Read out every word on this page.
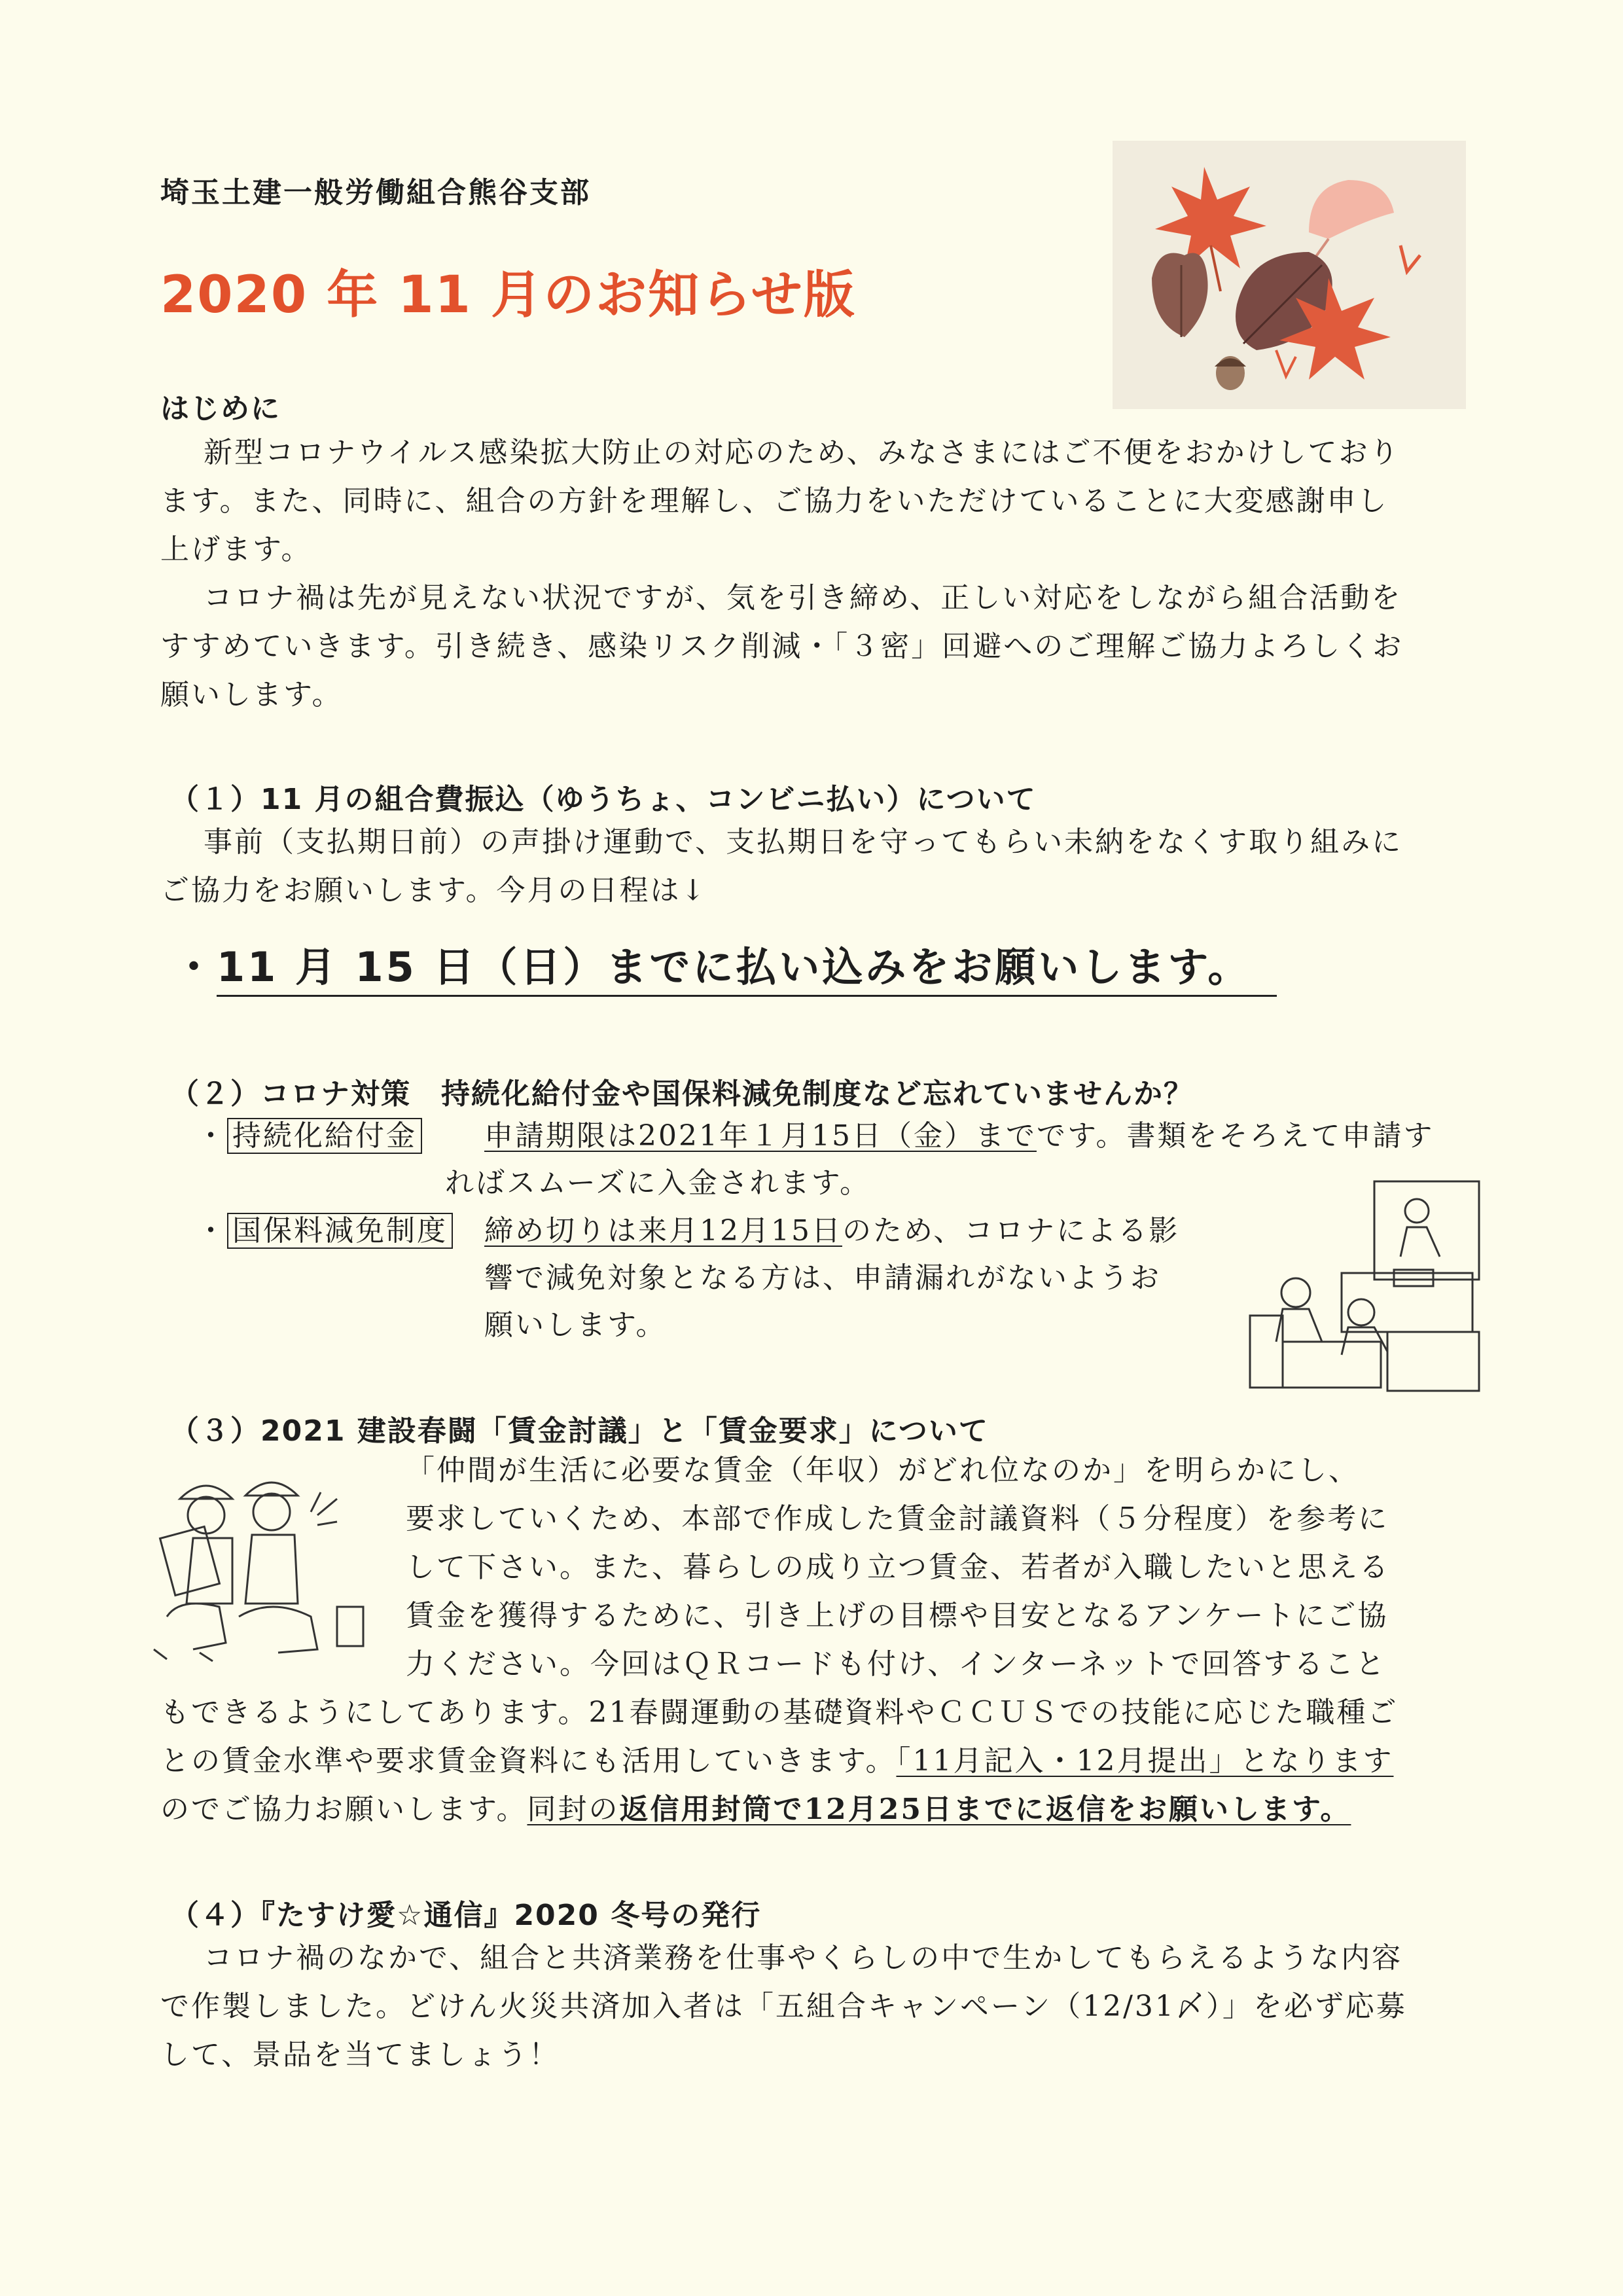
埼玉土建一般労働組合熊谷支部
2020 年 11 月のお知らせ版
はじめに

新型コロナウイルス感染拡大防止の対応のため、みなさまにはご不便をおかけしており

ます。また、同時に、組合の方針を理解し、ご協力をいただけていることに大変感謝申し

上げます。

コロナ禍は先が見えない状況ですが、気を引き締め、正しい対応をしながら組合活動を

すすめていきます。引き続き、感染リスク削減・「３密」回避へのご理解ご協力よろしくお

願いします。

（１）11 月の組合費振込（ゆうちょ、コンビニ払い）について

事前（支払期日前）の声掛け運動で、支払期日を守ってもらい未納をなくす取り組みに

ご協力をお願いします。今月の日程は↓

・11 月 15 日（日）までに払い込みをお願いします。
（２）コロナ対策　持続化給付金や国保料減免制度など忘れていませんか？
・ 持続化給付金 申請期限は2021年１月15日（金）までです。書類をそろえて申請す
ればスムーズに入金されます。
・ 国保料減免制度 締め切りは来月12月15日のため、コロナによる影
響で減免対象となる方は、申請漏れがないようお
願いします。
（３）2021 建設春闘「賃金討議」と「賃金要求」について
「仲間が生活に必要な賃金（年収）がどれ位なのか」を明らかにし、
要求していくため、本部で作成した賃金討議資料（５分程度）を参考に
して下さい。また、暮らしの成り立つ賃金、若者が入職したいと思える
賃金を獲得するために、引き上げの目標や目安となるアンケートにご協
力ください。今回はＱＲコードも付け、インターネットで回答すること
もできるようにしてあります。21春闘運動の基礎資料やＣＣＵＳでの技能に応じた職種ご
との賃金水準や要求賃金資料にも活用していきます。「11月記入・12月提出」となります
のでご協力お願いします。同封の返信用封筒で12月25日までに返信をお願いします。
（４）『たすけ愛☆通信』2020 冬号の発行

コロナ禍のなかで、組合と共済業務を仕事やくらしの中で生かしてもらえるような内容

で作製しました。どけん火災共済加入者は「五組合キャンペーン（12/31〆）」を必ず応募

して、景品を当てましょう！
